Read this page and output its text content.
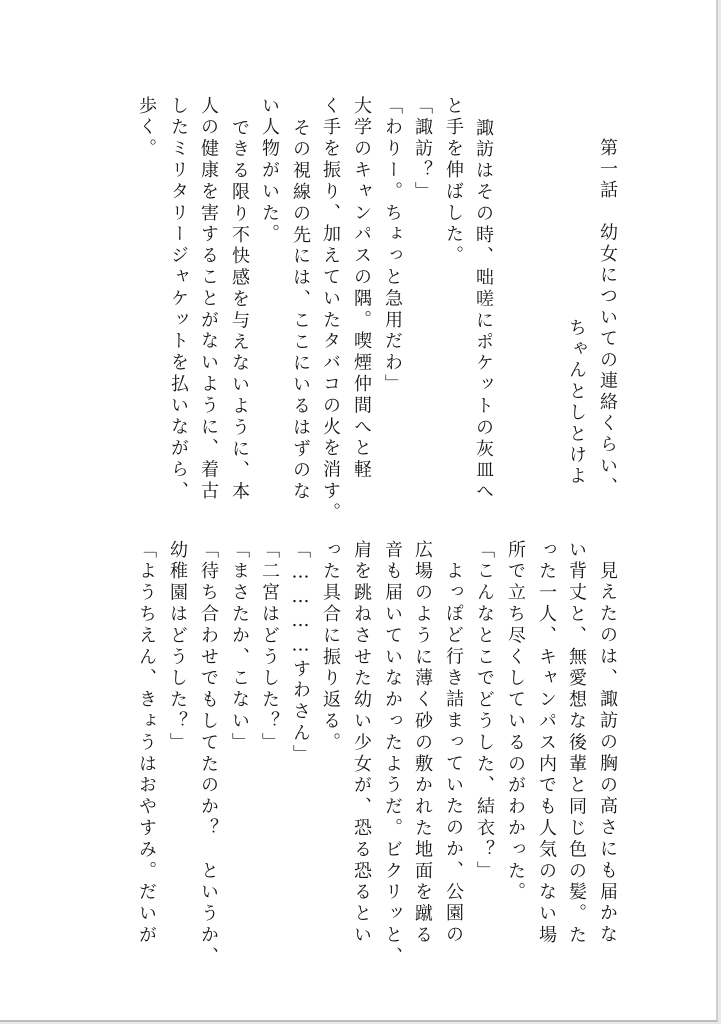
第一話　幼女についての連絡くらい、
ちゃんとしとけよ
諏訪はその時、咄嗟にポケットの灰皿へ
と手を伸ばした。
「諏訪？」
「わりー。ちょっと急用だわ」
大学のキャンパスの隅。喫煙仲間へと軽
く手を振り、加えていたタバコの火を消す。
その視線の先には、ここにいるはずのな
い人物がいた。
できる限り不快感を与えないように、本
人の健康を害することがないように、着古
したミリタリージャケットを払いながら、
歩く。
見えたのは、諏訪の胸の高さにも届かな
い背丈と、無愛想な後輩と同じ色の髪。た
った一人、キャンパス内でも人気のない場
所で立ち尽くしているのがわかった。
「こんなとこでどうした、結衣？」
よっぽど行き詰まっていたのか、公園の
広場のように薄く砂の敷かれた地面を蹴る
音も届いていなかったようだ。ビクリッと、
肩を跳ねさせた幼い少女が、恐る恐るとい
った具合に振り返る。
「…………すわさん」
「二宮はどうした？」
「まさたか、こない」
「待ち合わせでもしてたのか？　というか、
幼稚園はどうした？」
「ようちえん、きょうはおやすみ。だいが
